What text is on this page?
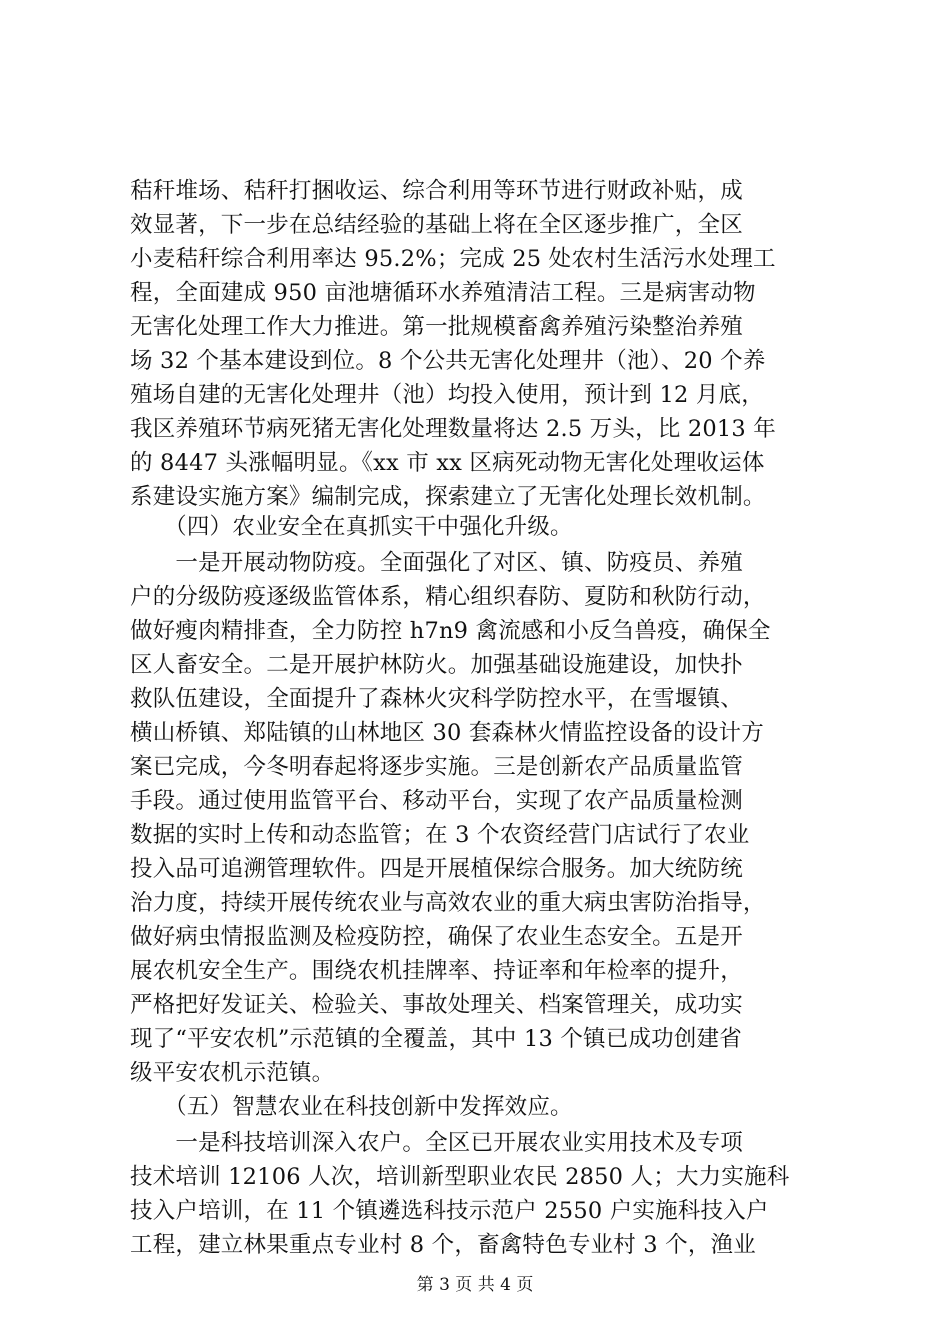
秸秆堆场、秸秆打捆收运、综合利用等环节进行财政补贴，成
效显著，下一步在总结经验的基础上将在全区逐步推广，全区
小麦秸秆综合利用率达 95.2%；完成 25 处农村生活污水处理工
程，全面建成 950 亩池塘循环水养殖清洁工程。三是病害动物
无害化处理工作大力推进。第一批规模畜禽养殖污染整治养殖
场 32 个基本建设到位。8 个公共无害化处理井（池）、20 个养
殖场自建的无害化处理井（池）均投入使用，预计到 12 月底，
我区养殖环节病死猪无害化处理数量将达 2.5 万头，比 2013 年
的 8447 头涨幅明显。《xx 市 xx 区病死动物无害化处理收运体
系建设实施方案》编制完成，探索建立了无害化处理长效机制。
　　（四）农业安全在真抓实干中强化升级。
　　一是开展动物防疫。全面强化了对区、镇、防疫员、养殖
户的分级防疫逐级监管体系，精心组织春防、夏防和秋防行动，
做好瘦肉精排查，全力防控 h7n9 禽流感和小反刍兽疫，确保全
区人畜安全。二是开展护林防火。加强基础设施建设，加快扑
救队伍建设，全面提升了森林火灾科学防控水平，在雪堰镇、
横山桥镇、郑陆镇的山林地区 30 套森林火情监控设备的设计方
案已完成，今冬明春起将逐步实施。三是创新农产品质量监管
手段。通过使用监管平台、移动平台，实现了农产品质量检测
数据的实时上传和动态监管；在 3 个农资经营门店试行了农业
投入品可追溯管理软件。四是开展植保综合服务。加大统防统
治力度，持续开展传统农业与高效农业的重大病虫害防治指导，
做好病虫情报监测及检疫防控，确保了农业生态安全。五是开
展农机安全生产。围绕农机挂牌率、持证率和年检率的提升，
严格把好发证关、检验关、事故处理关、档案管理关，成功实
现了“平安农机”示范镇的全覆盖，其中 13 个镇已成功创建省
级平安农机示范镇。
　　（五）智慧农业在科技创新中发挥效应。
　　一是科技培训深入农户。全区已开展农业实用技术及专项
技术培训 12106 人次，培训新型职业农民 2850 人；大力实施科
技入户培训，在 11 个镇遴选科技示范户 2550 户实施科技入户
工程，建立林果重点专业村 8 个，畜禽特色专业村 3 个，渔业
第 3 页 共 4 页
